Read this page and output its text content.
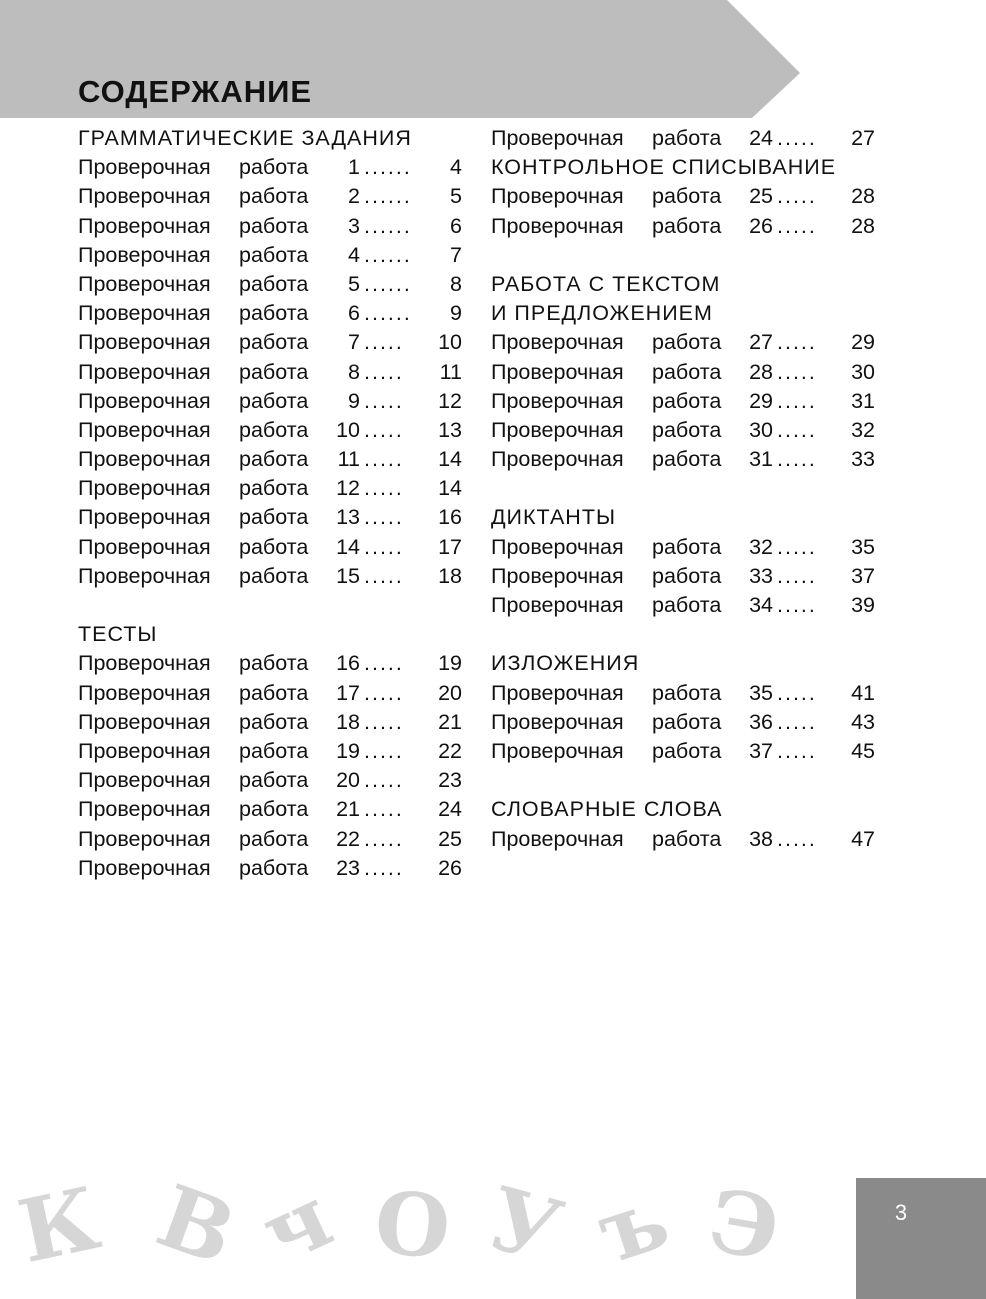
СОДЕРЖАНИЕ
ГРАММАТИЧЕСКИЕ ЗАДАНИЯ
Проверочная работа	1 ......	4
Проверочная работа	2 ......	5
Проверочная работа	3 ......	6
Проверочная работа	4 ......	7
Проверочная работа	5 ......	8
Проверочная работа	6 ......	9
Проверочная работа	7 .....	10
Проверочная работа	8 .....	11
Проверочная работа	9 .....	12
Проверочная работа	10 .....	13
Проверочная работа	11 .....	14
Проверочная работа	12 .....	14
Проверочная работа	13 .....	16
Проверочная работа	14 .....	17
Проверочная работа	15 .....	18
ТЕСТЫ
Проверочная работа	16 .....	19
Проверочная работа	17 .....	20
Проверочная работа	18 .....	21
Проверочная работа	19 .....	22
Проверочная работа	20 .....	23
Проверочная работа	21 .....	24
Проверочная работа	22 .....	25
Проверочная работа	23 .....	26
Проверочная работа	24 .....	27
КОНТРОЛЬНОЕ СПИСЫВАНИЕ
Проверочная работа	25 .....	28
Проверочная работа	26 .....	28
РАБОТА С ТЕКСТОМ
И ПРЕДЛОЖЕНИЕМ
Проверочная работа	27 .....	29
Проверочная работа	28 .....	30
Проверочная работа	29 .....	31
Проверочная работа	30 .....	32
Проверочная работа	31 .....	33
ДИКТАНТЫ
Проверочная работа	32 .....	35
Проверочная работа	33 .....	37
Проверочная работа	34 .....	39
ИЗЛОЖЕНИЯ
Проверочная работа	35 .....	41
Проверочная работа	36 .....	43
Проверочная работа	37 .....	45
СЛОВАРНЫЕ СЛОВА
Проверочная работа	38 .....	47
К В
ч О У ъ Э	3
